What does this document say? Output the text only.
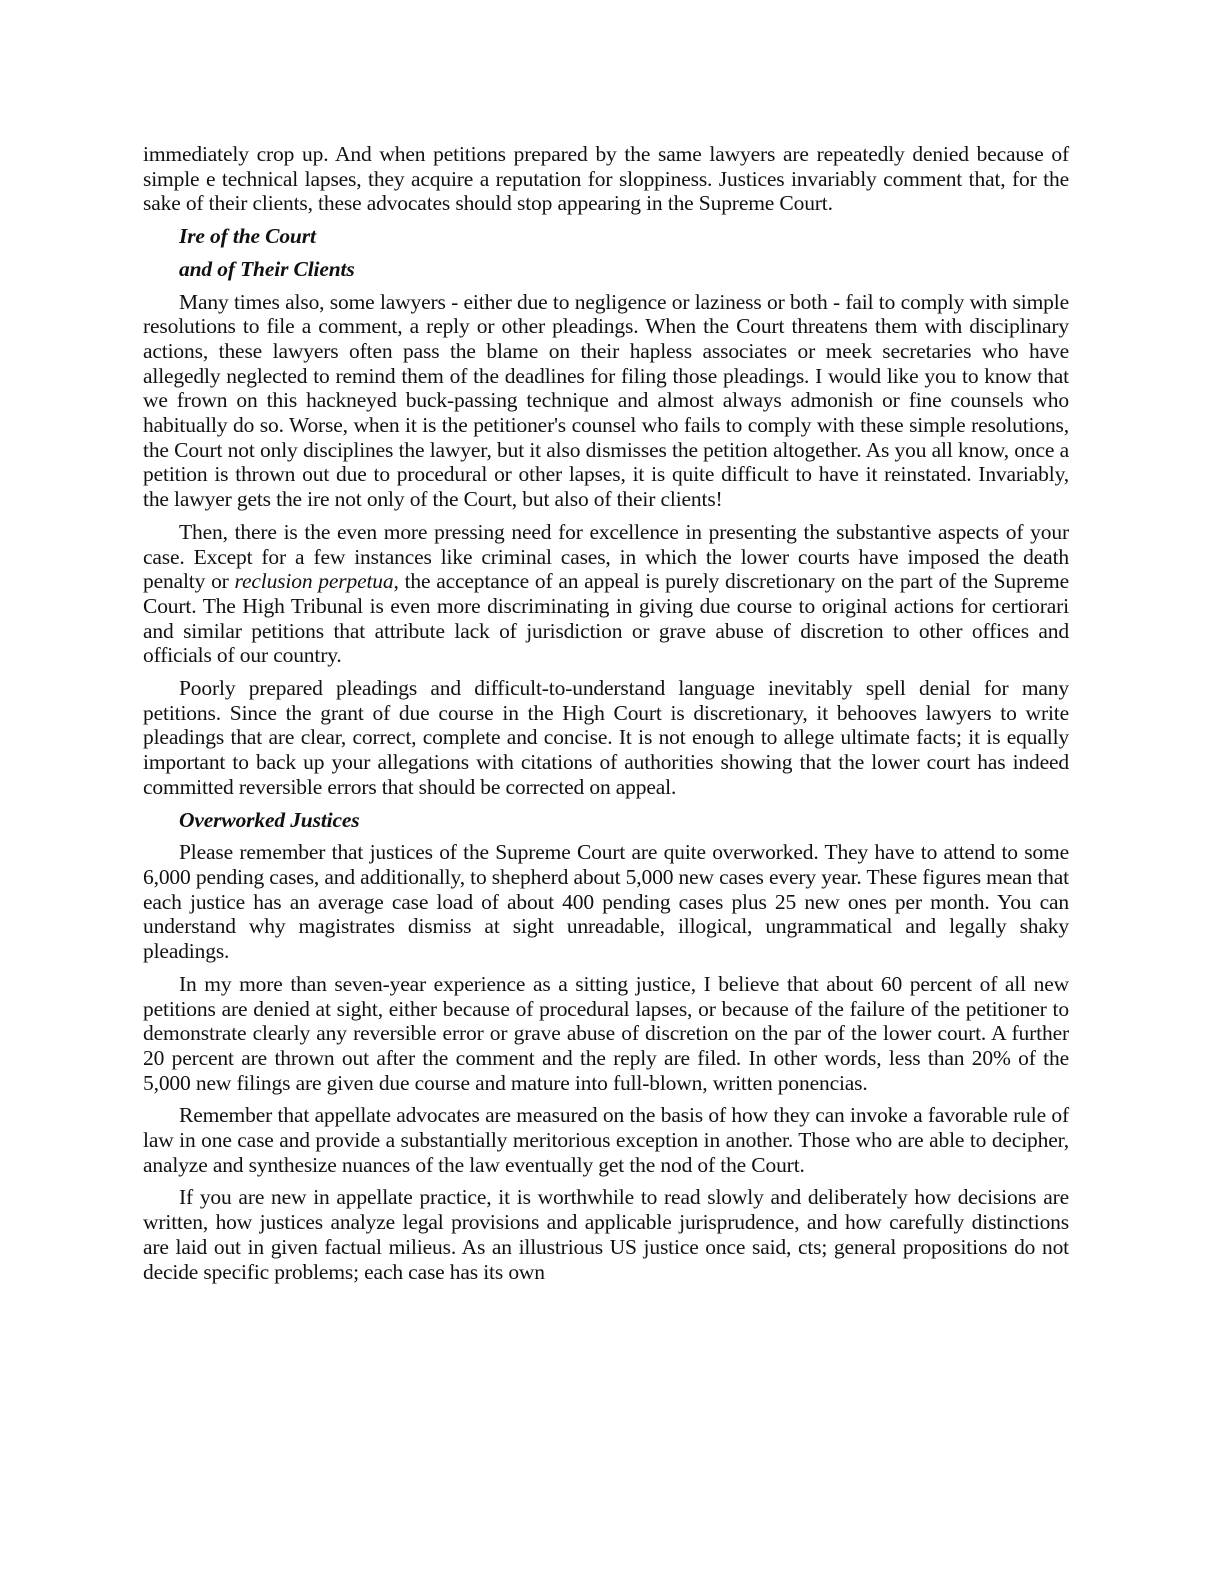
immediately crop up. And when petitions prepared by the same lawyers are repeatedly denied because of simple e technical lapses, they acquire a reputation for sloppiness. Justices invariably comment that, for the sake of their clients, these advocates should stop appearing in the Supreme Court.

Ire of the Court
and of Their Clients

Many times also, some lawyers - either due to negligence or laziness or both - fail to comply with simple resolutions to file a comment, a reply or other pleadings. When the Court threatens them with disciplinary actions, these lawyers often pass the blame on their hapless associates or meek secretaries who have allegedly neglected to remind them of the deadlines for filing those pleadings. I would like you to know that we frown on this hackneyed buck-passing technique and almost always admonish or fine counsels who habitually do so. Worse, when it is the petitioner's counsel who fails to comply with these simple resolutions, the Court not only disciplines the lawyer, but it also dismisses the petition altogether. As you all know, once a petition is thrown out due to procedural or other lapses, it is quite difficult to have it reinstated. Invariably, the lawyer gets the ire not only of the Court, but also of their clients!

Then, there is the even more pressing need for excellence in presenting the substantive aspects of your case. Except for a few instances like criminal cases, in which the lower courts have imposed the death penalty or reclusion perpetua, the acceptance of an appeal is purely discretionary on the part of the Supreme Court. The High Tribunal is even more discriminating in giving due course to original actions for certiorari and similar petitions that attribute lack of jurisdiction or grave abuse of discretion to other offices and officials of our country.

Poorly prepared pleadings and difficult-to-understand language inevitably spell denial for many petitions. Since the grant of due course in the High Court is discretionary, it behooves lawyers to write pleadings that are clear, correct, complete and concise. It is not enough to allege ultimate facts; it is equally important to back up your allegations with citations of authorities showing that the lower court has indeed committed reversible errors that should be corrected on appeal.

Overworked Justices

Please remember that justices of the Supreme Court are quite overworked. They have to attend to some 6,000 pending cases, and additionally, to shepherd about 5,000 new cases every year. These figures mean that each justice has an average case load of about 400 pending cases plus 25 new ones per month. You can understand why magistrates dismiss at sight unreadable, illogical, ungrammatical and legally shaky pleadings.

In my more than seven-year experience as a sitting justice, I believe that about 60 percent of all new petitions are denied at sight, either because of procedural lapses, or because of the failure of the petitioner to demonstrate clearly any reversible error or grave abuse of discretion on the par of the lower court. A further 20 percent are thrown out after the comment and the reply are filed. In other words, less than 20% of the 5,000 new filings are given due course and mature into full-blown, written ponencias.

Remember that appellate advocates are measured on the basis of how they can invoke a favorable rule of law in one case and provide a substantially meritorious exception in another. Those who are able to decipher, analyze and synthesize nuances of the law eventually get the nod of the Court.

If you are new in appellate practice, it is worthwhile to read slowly and deliberately how decisions are written, how justices analyze legal provisions and applicable jurisprudence, and how carefully distinctions are laid out in given factual milieus. As an illustrious US justice once said, cts; general propositions do not decide specific problems; each case has its own
